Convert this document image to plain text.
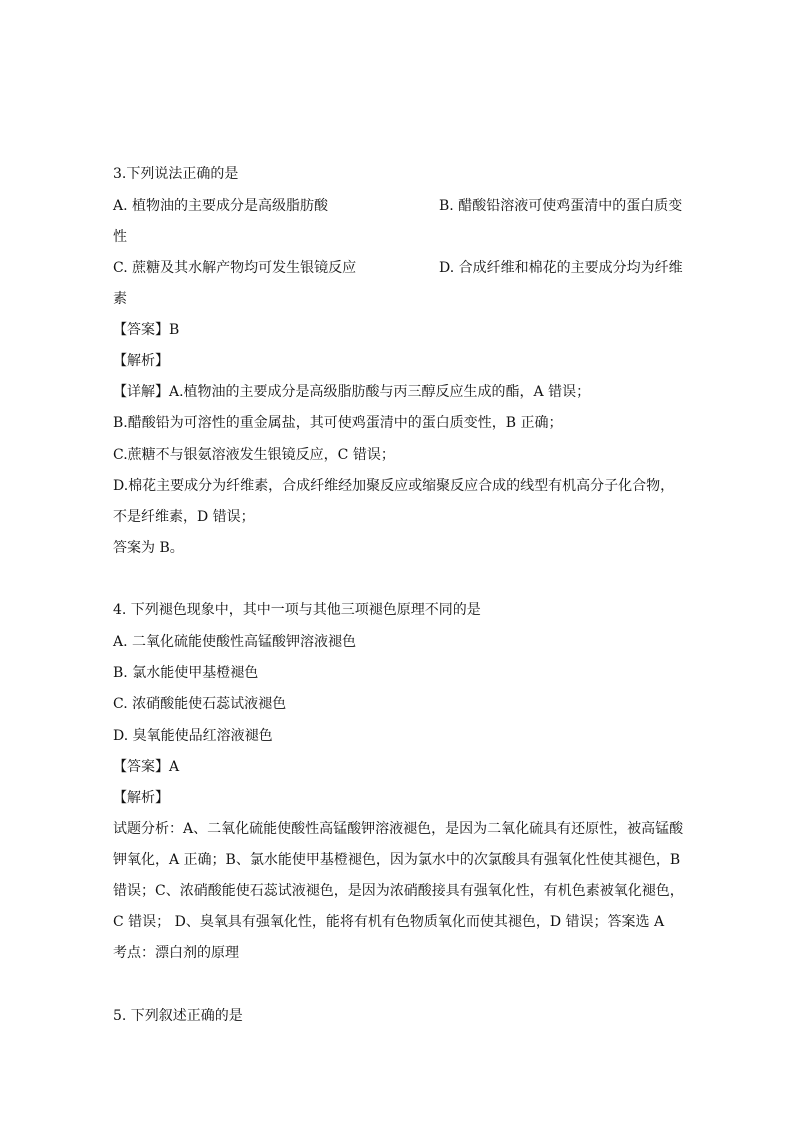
3.下列说法正确的是
A. 植物油的主要成分是高级脂肪酸	B. 醋酸铅溶液可使鸡蛋清中的蛋白质变
性
C. 蔗糖及其水解产物均可发生银镜反应	D. 合成纤维和棉花的主要成分均为纤维
素
【答案】B
【解析】
【详解】A.植物油的主要成分是高级脂肪酸与丙三醇反应生成的酯，A 错误；
B.醋酸铅为可溶性的重金属盐，其可使鸡蛋清中的蛋白质变性，B 正确；
C.蔗糖不与银氨溶液发生银镜反应，C 错误；
D.棉花主要成分为纤维素，合成纤维经加聚反应或缩聚反应合成的线型有机高分子化合物，
不是纤维素，D 错误；
答案为 B。
4. 下列褪色现象中，其中一项与其他三项褪色原理不同的是
A. 二氧化硫能使酸性高锰酸钾溶液褪色
B. 氯水能使甲基橙褪色
C. 浓硝酸能使石蕊试液褪色
D. 臭氧能使品红溶液褪色
【答案】A
【解析】
试题分析：A、二氧化硫能使酸性高锰酸钾溶液褪色，是因为二氧化硫具有还原性，被高锰酸
钾氧化，A 正确；B、氯水能使甲基橙褪色，因为氯水中的次氯酸具有强氧化性使其褪色，B
错误；C、浓硝酸能使石蕊试液褪色，是因为浓硝酸接具有强氧化性，有机色素被氧化褪色，
C 错误； D、臭氧具有强氧化性，能将有机有色物质氧化而使其褪色，D 错误；答案选 A
考点：漂白剂的原理
5. 下列叙述正确的是
